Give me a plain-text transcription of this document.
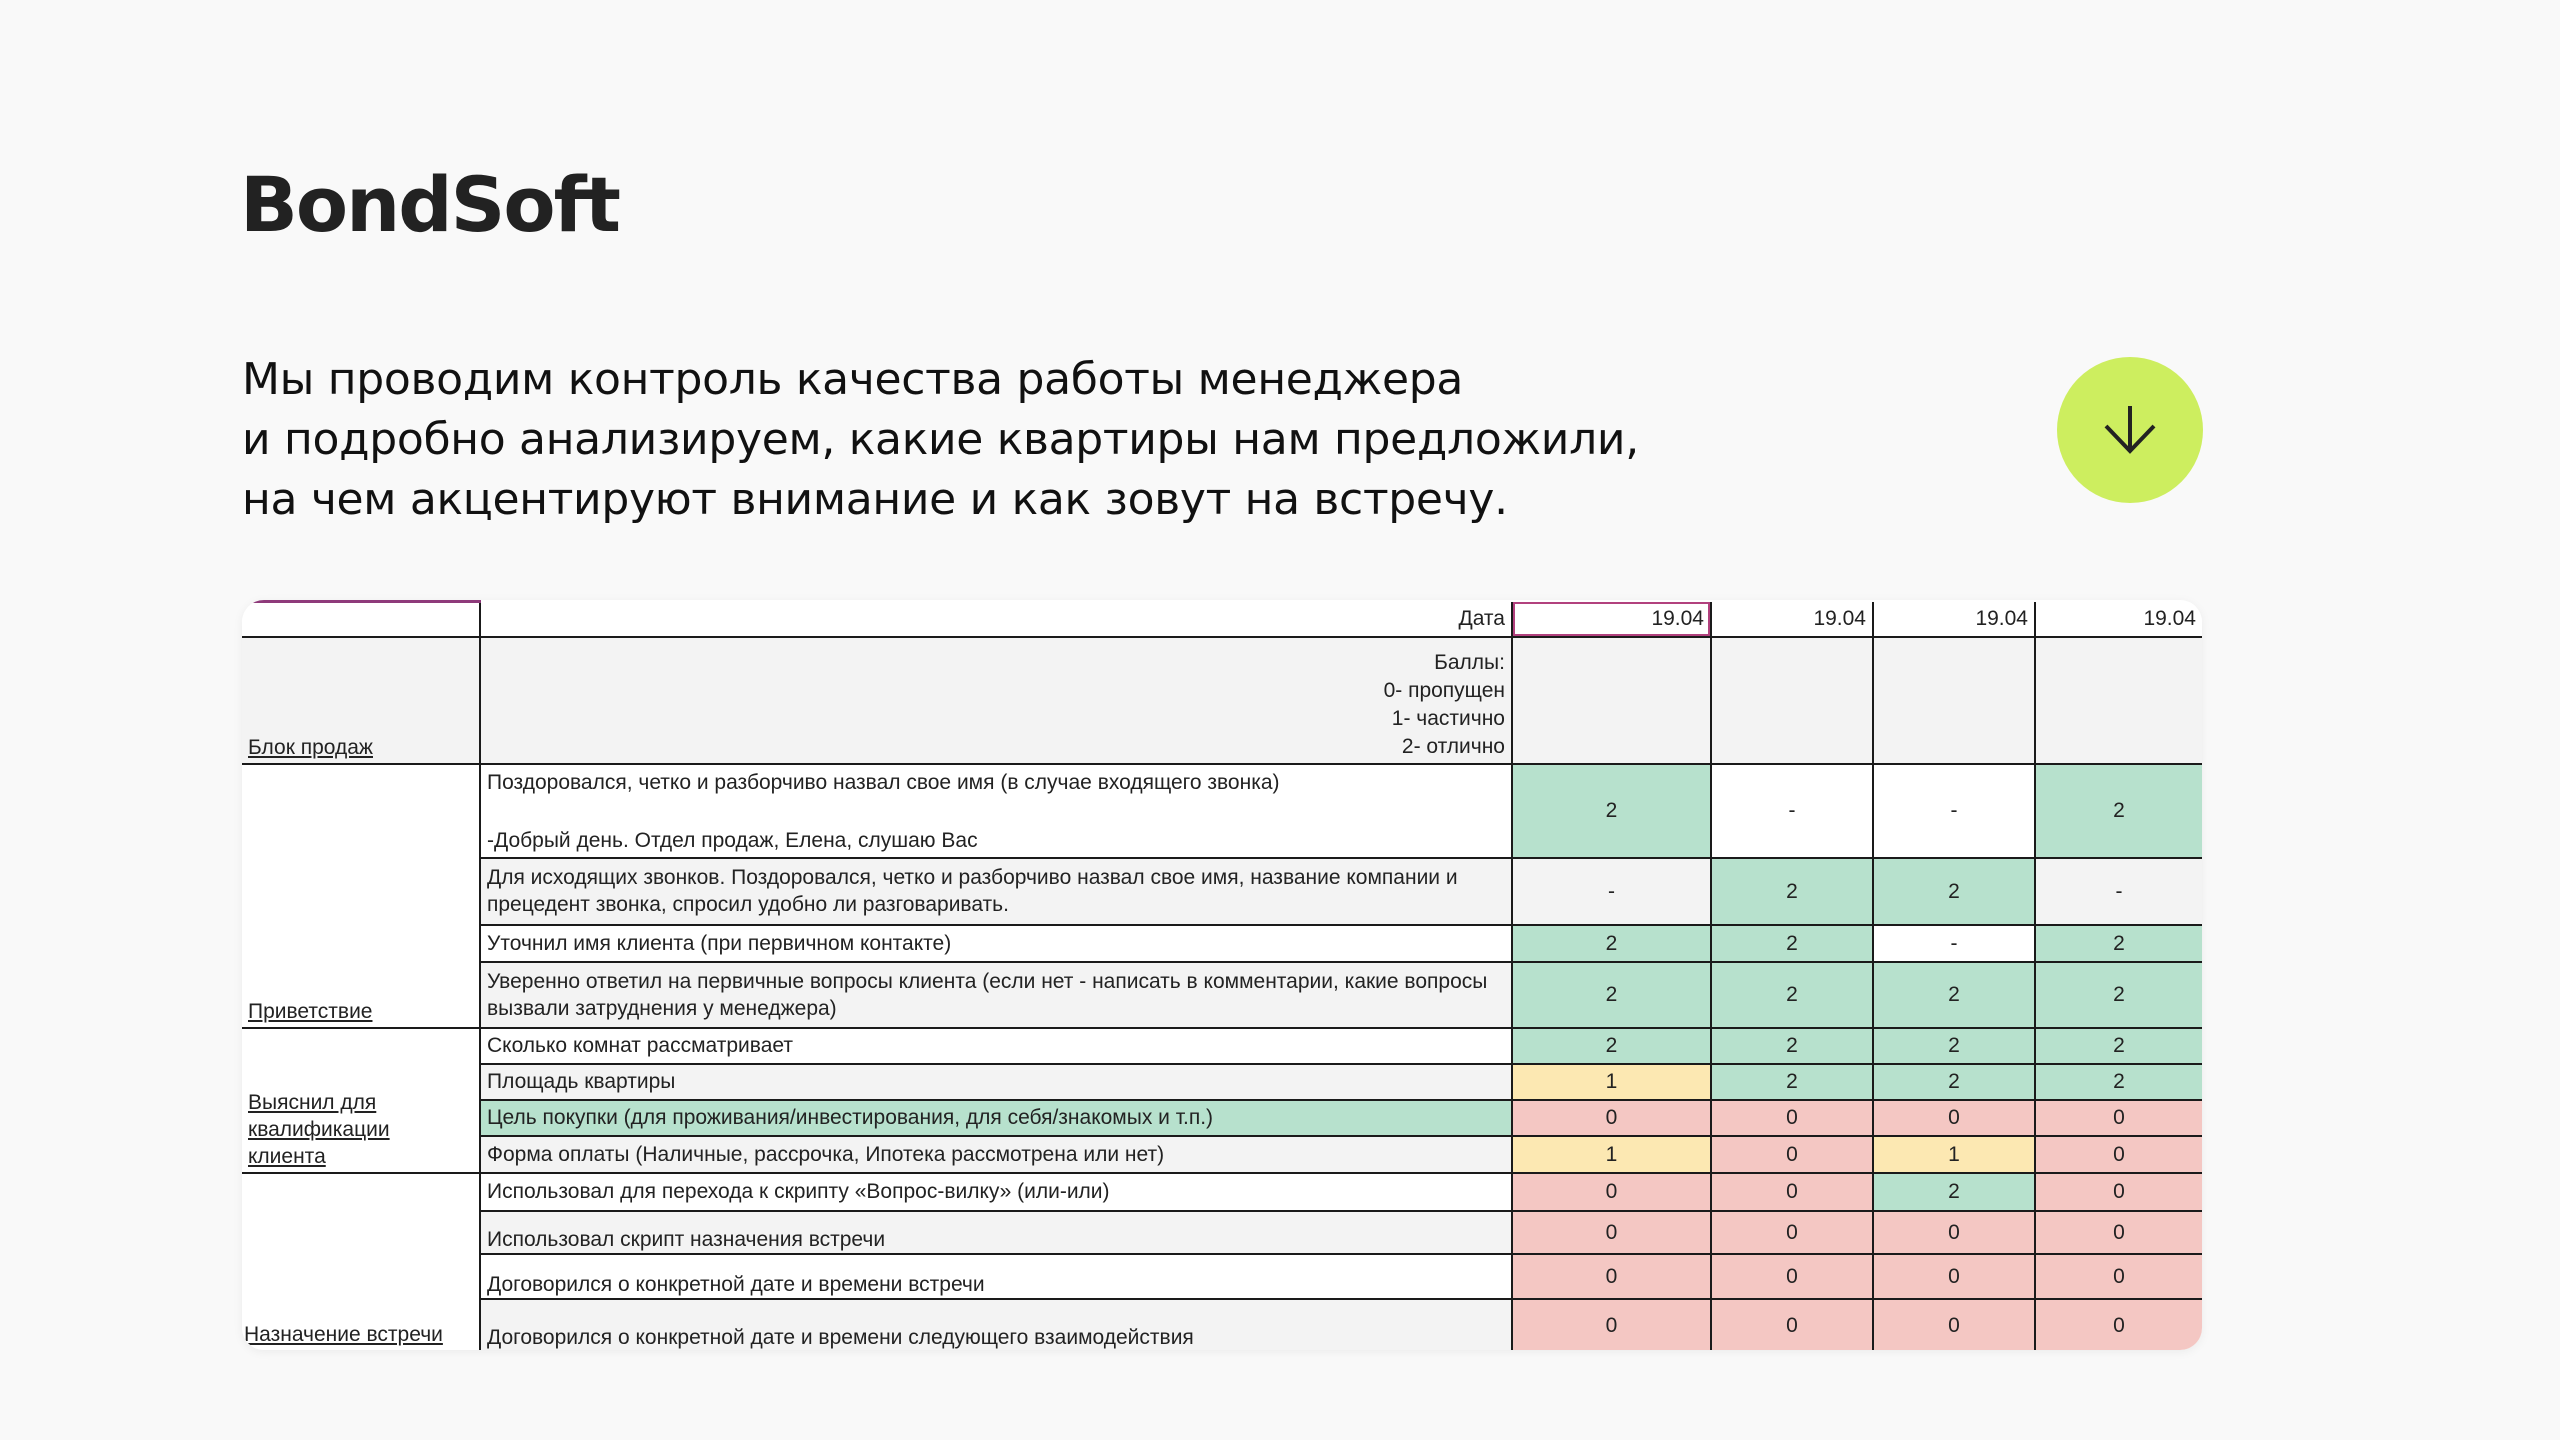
BondSoft
Мы проводим контроль качества работы менеджера
и подробно анализируем, какие квартиры нам предложили,
на чем акцентируют внимание и как зовут на встречу.
	Дата	19.04	19.04	19.04	19.04
Блок продаж	Баллы:
0- пропущен
1- частично
2- отлично				

Приветствие	Поздоровался, четко и разборчиво назвал свое имя (в случае входящего звонка)
-Добрый день. Отдел продаж, Елена, слушаю Вас	2	-	-	2
	Для исходящих звонков. Поздоровался, четко и разборчиво назвал свое имя, название компании и прецедент звонка, спросил удобно ли разговаривать.	-	2	2	-
	Уточнил имя клиента (при первичном контакте)	2	2	-	2
	Уверенно ответил на первичные вопросы клиента (если нет - написать в комментарии, какие вопросы вызвали затруднения у менеджера)	2	2	2	2
Выяснил для квалификации клиента	Сколько комнат рассматривает	2	2	2	2
	Площадь квартиры	1	2	2	2
	Цель покупки (для проживания/инвестирования, для себя/знакомых и т.п.)	0	0	0	0
	Форма оплаты (Наличные, рассрочка, Ипотека рассмотрена или нет)	1	0	1	0
Назначение встречи	Использовал для перехода к скрипту «Вопрос-вилку» (или-или)	0	0	2	0
	Использовал скрипт назначения встречи	0	0	0	0
	Договорился о конкретной дате и времени встречи	0	0	0	0
	Договорился о конкретной дате и времени следующего взаимодействия	0	0	0	0
